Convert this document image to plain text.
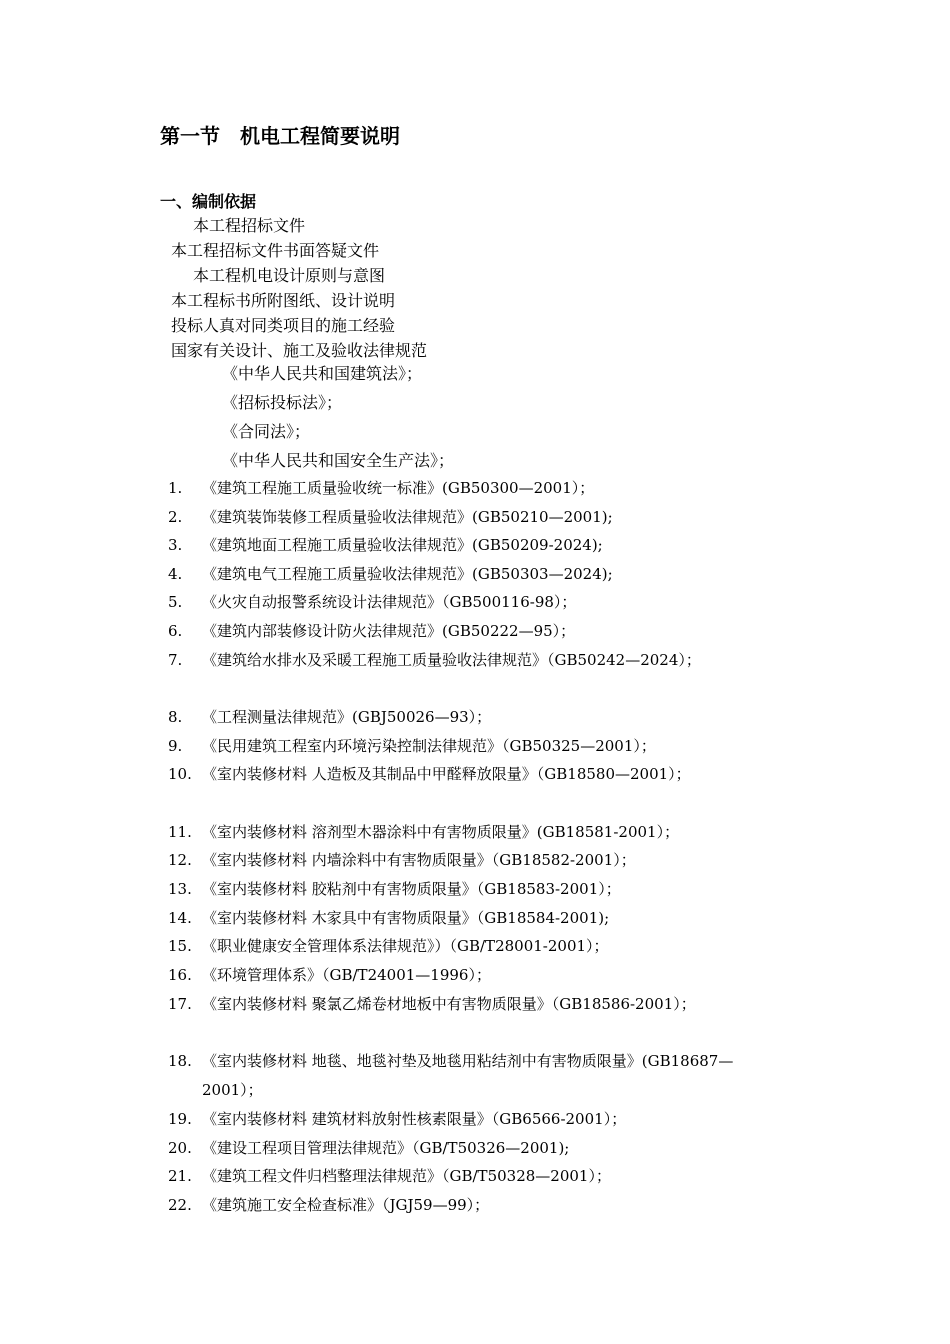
第一节　机电工程简要说明
一、编制依据

本工程招标文件

本工程招标文件书面答疑文件

本工程机电设计原则与意图

本工程标书所附图纸、设计说明

投标人真对同类项目的施工经验

国家有关设计、施工及验收法律规范

《中华人民共和国建筑法》；

《招标投标法》；

《合同法》；

《中华人民共和国安全生产法》；

1. 《建筑工程施工质量验收统一标准》(GB50300—2001）；
2. 《建筑装饰装修工程质量验收法律规范》(GB50210—2001);
3. 《建筑地面工程施工质量验收法律规范》(GB50209-2024);
4. 《建筑电气工程施工质量验收法律规范》(GB50303—2024);
5. 《火灾自动报警系统设计法律规范》（GB500116-98）；
6. 《建筑内部装修设计防火法律规范》(GB50222—95）；
7. 《建筑给水排水及采暖工程施工质量验收法律规范》（GB50242—2024）；
8. 《工程测量法律规范》(GBJ50026—93）；
9. 《民用建筑工程室内环境污染控制法律规范》（GB50325—2001）；
10. 《室内装修材料 人造板及其制品中甲醛释放限量》（GB18580—2001）；
11. 《室内装修材料 溶剂型木器涂料中有害物质限量》(GB18581-2001）；
12. 《室内装修材料 内墙涂料中有害物质限量》（GB18582-2001）；
13. 《室内装修材料 胶粘剂中有害物质限量》（GB18583-2001）；
14. 《室内装修材料 木家具中有害物质限量》（GB18584-2001);
15. 《职业健康安全管理体系法律规范》）（GB/T28001-2001）；
16. 《环境管理体系》（GB/T24001—1996）；
17. 《室内装修材料 聚氯乙烯卷材地板中有害物质限量》（GB18586-2001）；
18. 《室内装修材料 地毯、地毯衬垫及地毯用粘结剂中有害物质限量》(GB18687—2001）；
19. 《室内装修材料 建筑材料放射性核素限量》（GB6566-2001）；
20. 《建设工程项目管理法律规范》（GB/T50326—2001);
21. 《建筑工程文件归档整理法律规范》（GB/T50328—2001）；
22. 《建筑施工安全检查标准》（JGJ59—99）；
